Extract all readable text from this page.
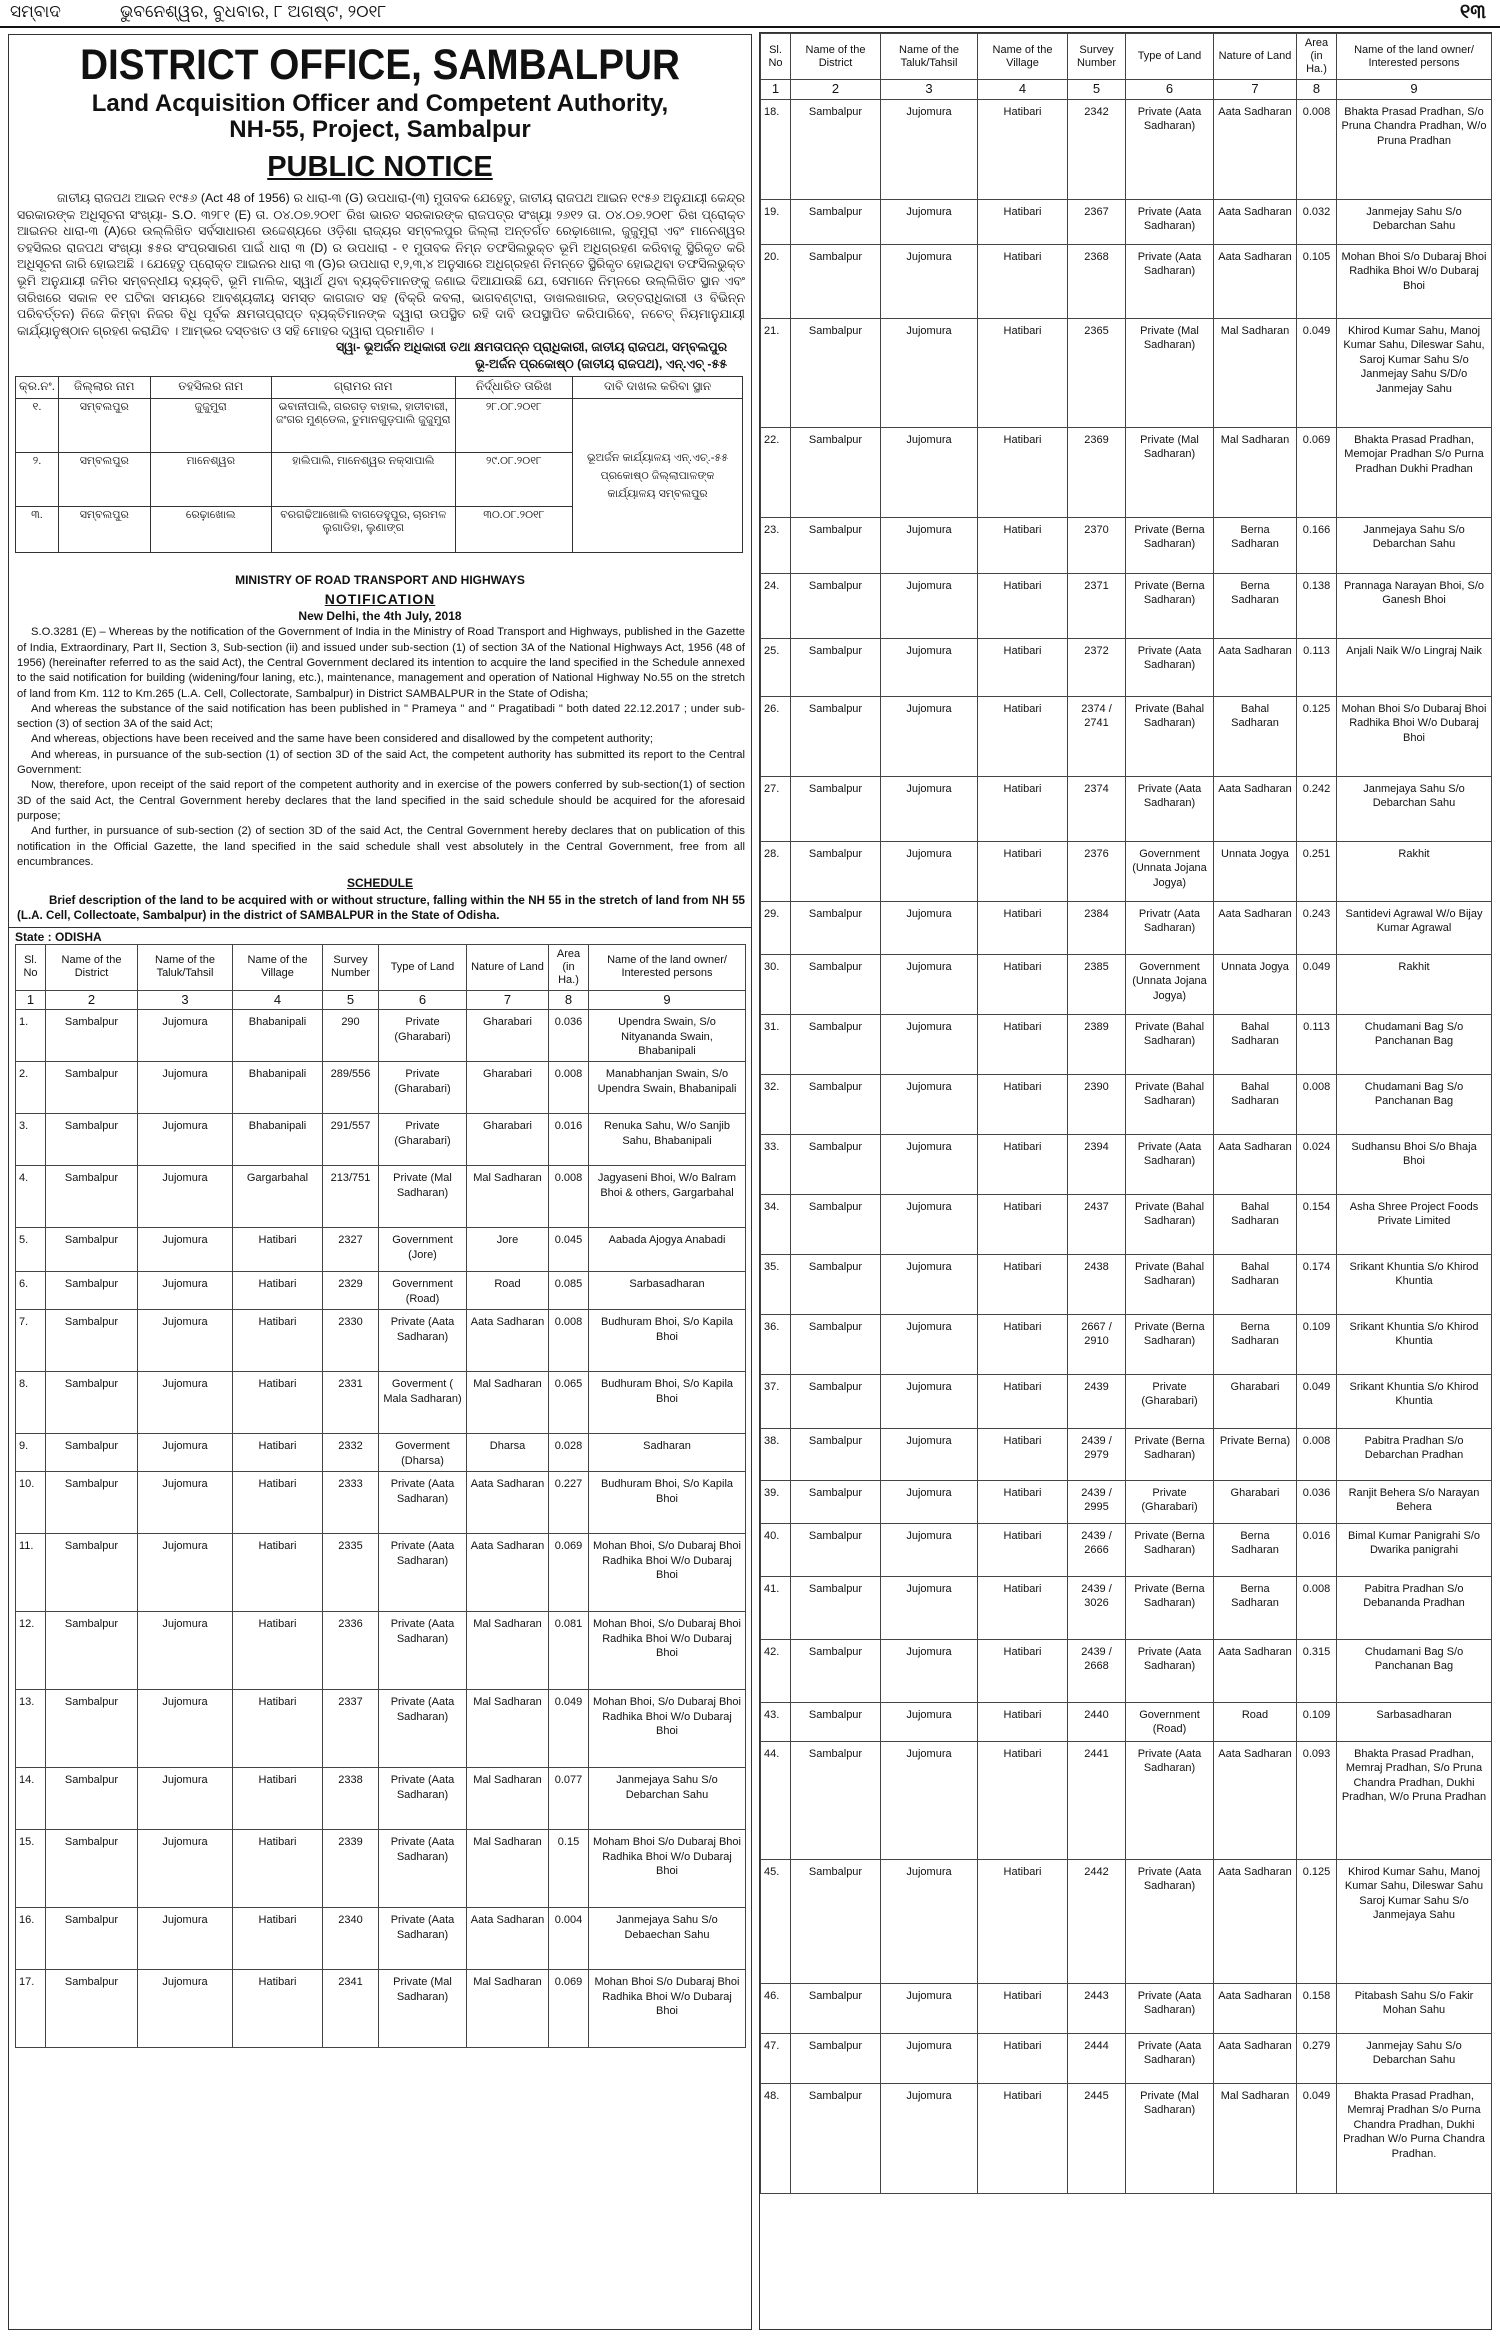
ସମ୍ବାଦ	ଭୁବନେଶ୍ୱର, ବୁଧବାର, ୮ ଅଗଷ୍ଟ, ୨୦୧୮	୧୩
DISTRICT OFFICE, SAMBALPUR
Land Acquisition Officer and Competent Authority,
NH-55, Project, Sambalpur
PUBLIC NOTICE
ଜାତୀୟ ରାଜପଥ ଆଇନ ୧୯୫୬ (Act 48 of 1956) ର ଧାରା-୩ (G) ଉପଧାରା-(୩) ମୁତାବକ ଯେହେତୁ, ଜାତୀୟ ରାଜପଥ ଆଇନ ୧୯୫୬ ଅନୁଯାୟୀ କେନ୍ଦ୍ର ସରକାରଙ୍କ ଅଧିସୂଚନା ସଂଖ୍ୟା- S.O. ୩୨୮୧ (E) ତା. ୦୪.୦୭.୨୦୧୮ ରିଖ ଭାରତ ସରକାରଙ୍କ ରାଜପତ୍ର ସଂଖ୍ୟା ୨୬୧୨ ତା. ୦୪.୦୭.୨୦୧୮ ରିଖ ପ୍ରୋକ୍ତ ଆଇନର ଧାରା-୩ (A)ରେ ଉଲ୍ଲିଖିତ ସର୍ବସାଧାରଣ ଉଦ୍ଦେଶ୍ୟରେ ଓଡ଼ିଶା ରାଜ୍ୟର ସମ୍ବଲପୁର ଜିଲ୍ଲା ଅନ୍ତର୍ଗତ ରେଢ଼ାଖୋଲ, ଜୁଜୁମୁରା ଏବଂ ମାନେଶ୍ୱର ତହସିଲର ରାଜପଥ ସଂଖ୍ୟା ୫୫ର ସଂପ୍ରସାରଣ ପାଇଁ ଧାରା ୩ (D) ର ଉପଧାରା - ୧ ମୁତାବକ ନିମ୍ନ ତଫସିଲଭୁକ୍ତ ଭୂମି ଅଧିଗ୍ରହଣ କରିବାକୁ ସ୍ଥିରିକୃତ କରି ଅଧିସୂଚନା ଜାରି ହୋଇଅଛି । ଯେହେତୁ ପ୍ରୋକ୍ତ ଆଇନର ଧାରା ୩ (G)ର ଉପଧାରା ୧,୨,୩,୪ ଅନୁସାରେ ଅଧିଗ୍ରହଣ ନିମନ୍ତେ ସ୍ଥିରିକୃତ ହୋଇଥିବା ତଫସିଲଭୁକ୍ତ ଭୂମି ଅନୁଯାୟୀ ଜମିର ସମ୍ବନ୍ଧୀୟ ବ୍ୟକ୍ତି, ଭୂମି ମାଲିକ, ସ୍ୱାର୍ଥ ଥିବା ବ୍ୟକ୍ତିମାନଙ୍କୁ ଜଣାଇ ଦିଆଯାଉଛି ଯେ, ସେମାନେ ନିମ୍ନରେ ଉଲ୍ଲିଖିତ ସ୍ଥାନ ଏବଂ ତାରିଖରେ ସକାଳ ୧୧ ଘଟିକା ସମୟରେ ଆବଶ୍ୟକୀୟ ସମସ୍ତ କାଗଜାତ ସହ (ବିକ୍ରି କବଲା, ଭାଗବଣ୍ଟାରା, ଡାଖଲଖାରଜ, ଉତ୍ତରାଧିକାରୀ ଓ ବିଭିନ୍ନ ପରିବର୍ତ୍ତନ) ନିଜେ କିମ୍ବା ନିଜର ବିଧି ପୂର୍ବକ କ୍ଷମତାପ୍ରାପ୍ତ ବ୍ୟକ୍ତିମାନଙ୍କ ଦ୍ୱାରା ଉପସ୍ଥିତ ରହି ଦାବି ଉପସ୍ଥାପିତ କରିପାରିବେ, ନଚେତ୍ ନିୟମାନୁଯାୟୀ କାର୍ଯ୍ୟାନୁଷ୍ଠାନ ଗ୍ରହଣ କରାଯିବ । ଆମ୍ଭର ଦସ୍ତଖତ ଓ ସହି ମୋହର ଦ୍ୱାରା ପ୍ରମାଣିତ ।
ସ୍ୱା- ଭୂଅର୍ଜନ ଅଧିକାରୀ ତଥା କ୍ଷମତାପନ୍ନ ପ୍ରାଧିକାରୀ, ଜାତୀୟ ରାଜପଥ, ସମ୍ବଲପୁର
ଭୂ-ଅର୍ଜନ ପ୍ରକୋଷ୍ଠ (ଜାତୀୟ ରାଜପଥ), ଏନ୍.ଏଚ୍ -୫୫
କ୍ର.ନଂ.	ଜିଲ୍ଲାର ନାମ	ତହସିଲର ନାମ	ଗ୍ରାମର ନାମ	ନିର୍ଦ୍ଧାରିତ ତାରିଖ	ଦାବି ଦାଖଲ କରିବା ସ୍ଥାନ
୧.	ସମ୍ବଲପୁର	ଜୁଜୁମୁରା	ଭବାନୀପାଲି, ଗରଗଡ଼ ବାହାଲ, ହାତୀବାରୀ, ଜଂଗର ମୁଣ୍ଡେଲ, ତୁମାନଗୁଡ଼ପାଲି ଜୁଜୁମୁରା	୨୮.୦୮.୨୦୧୮	ଭୂଅର୍ଜନ କାର୍ଯ୍ୟାଳୟ ଏନ୍.ଏଚ୍.-୫୫ ପ୍ରକୋଷ୍ଠ ଜିଲ୍ଲାପାଳଙ୍କ କାର୍ଯ୍ୟାଳୟ ସମ୍ବଲପୁର
୨.	ସମ୍ବଲପୁର	ମାନେଶ୍ୱର	ହାଲିପାଲି, ମାନେଶ୍ୱର ନକ୍ସାପାଲି	୨୯.୦୮.୨୦୧୮	
୩.	ସମ୍ବଲପୁର	ରେଢ଼ାଖୋଲ	ବରଗଢିଆଖୋଲି ବାଗଡେହୁପୁର, ଚାରମଳ ଲୁଗାଡିହା, ଲୁଣାଙ୍ଗ	୩୦.୦୮.୨୦୧୮	
MINISTRY OF ROAD TRANSPORT AND HIGHWAYS
NOTIFICATION
New Delhi, the 4th July, 2018
S.O.3281 (E) – Whereas by the notification of the Government of India in the Ministry of Road Transport and Highways, published in the Gazette of India, Extraordinary, Part II, Section 3, Sub-section (ii) and issued under sub-section (1) of section 3A of the National Highways Act, 1956 (48 of 1956) (hereinafter referred to as the said Act), the Central Government declared its intention to acquire the land specified in the Schedule annexed to the said notification for building (widening/four laning, etc.), maintenance, management and operation of National Highway No.55 on the stretch of land from Km. 112 to Km.265 (L.A. Cell, Collectorate, Sambalpur) in District SAMBALPUR in the State of Odisha;
And whereas the substance of the said notification has been published in " Prameya " and " Pragatibadi " both dated 22.12.2017 ; under sub-section (3) of section 3A of the said Act;
And whereas, objections have been received and the same have been considered and disallowed by the competent authority;
And whereas, in pursuance of the sub-section (1) of section 3D of the said Act, the competent authority has submitted its report to the Central Government:
Now, therefore, upon receipt of the said report of the competent authority and in exercise of the powers conferred by sub-section(1) of section 3D of the said Act, the Central Government hereby declares that the land specified in the said schedule should be acquired for the aforesaid purpose;
And further, in pursuance of sub-section (2) of section 3D of the said Act, the Central Government hereby declares that on publication of this notification in the Official Gazette, the land specified in the said schedule shall vest absolutely in the Central Government, free from all encumbrances.
SCHEDULE
Brief description of the land to be acquired with or without structure, falling within the NH 55 in the stretch of land from NH 55 (L.A. Cell, Collectoate, Sambalpur) in the district of SAMBALPUR in the State of Odisha.
State : ODISHA
Sl. No	Name of the District	Name of the Taluk/Tahsil	Name of the Village	Survey Number	Type of Land	Nature of Land	Area (in Ha.)	Name of the land owner/ Interested persons
1	2	3	4	5	6	7	8	9
1.	Sambalpur	Jujomura	Bhabanipali	290	Private (Gharabari)	Gharabari	0.036	Upendra Swain, S/o Nityananda Swain, Bhabanipali
2.	Sambalpur	Jujomura	Bhabanipali	289/556	Private (Gharabari)	Gharabari	0.008	Manabhanjan Swain, S/o Upendra Swain, Bhabanipali
3.	Sambalpur	Jujomura	Bhabanipali	291/557	Private (Gharabari)	Gharabari	0.016	Renuka Sahu, W/o Sanjib Sahu, Bhabanipali
4.	Sambalpur	Jujomura	Gargarbahal	213/751	Private (Mal Sadharan)	Mal Sadharan	0.008	Jagyaseni Bhoi, W/o Balram Bhoi & others, Gargarbahal
5.	Sambalpur	Jujomura	Hatibari	2327	Government (Jore)	Jore	0.045	Aabada Ajogya Anabadi
6.	Sambalpur	Jujomura	Hatibari	2329	Government (Road)	Road	0.085	Sarbasadharan
7.	Sambalpur	Jujomura	Hatibari	2330	Private (Aata Sadharan)	Aata Sadharan	0.008	Budhuram Bhoi, S/o Kapila Bhoi
8.	Sambalpur	Jujomura	Hatibari	2331	Goverment ( Mala Sadharan)	Mal Sadharan	0.065	Budhuram Bhoi, S/o Kapila Bhoi
9.	Sambalpur	Jujomura	Hatibari	2332	Goverment (Dharsa)	Dharsa	0.028	Sadharan
10.	Sambalpur	Jujomura	Hatibari	2333	Private (Aata Sadharan)	Aata Sadharan	0.227	Budhuram Bhoi, S/o Kapila Bhoi
11.	Sambalpur	Jujomura	Hatibari	2335	Private (Aata Sadharan)	Aata Sadharan	0.069	Mohan Bhoi, S/o Dubaraj Bhoi Radhika Bhoi W/o Dubaraj Bhoi
12.	Sambalpur	Jujomura	Hatibari	2336	Private (Aata Sadharan)	Mal Sadharan	0.081	Mohan Bhoi, S/o Dubaraj Bhoi Radhika Bhoi W/o Dubaraj Bhoi
13.	Sambalpur	Jujomura	Hatibari	2337	Private (Aata Sadharan)	Mal Sadharan	0.049	Mohan Bhoi, S/o Dubaraj Bhoi Radhika Bhoi W/o Dubaraj Bhoi
14.	Sambalpur	Jujomura	Hatibari	2338	Private (Aata Sadharan)	Mal Sadharan	0.077	Janmejaya Sahu S/o Debarchan Sahu
15.	Sambalpur	Jujomura	Hatibari	2339	Private (Aata Sadharan)	Mal Sadharan	0.15	Moham Bhoi S/o Dubaraj Bhoi Radhika Bhoi W/o Dubaraj Bhoi
16.	Sambalpur	Jujomura	Hatibari	2340	Private (Aata Sadharan)	Aata Sadharan	0.004	Janmejaya Sahu S/o Debaechan Sahu
17.	Sambalpur	Jujomura	Hatibari	2341	Private (Mal Sadharan)	Mal Sadharan	0.069	Mohan Bhoi S/o Dubaraj Bhoi Radhika Bhoi W/o Dubaraj Bhoi
Sl. No	Name of the District	Name of the Taluk/Tahsil	Name of the Village	Survey Number	Type of Land	Nature of Land	Area (in Ha.)	Name of the land owner/ Interested persons
1	2	3	4	5	6	7	8	9
18.	Sambalpur	Jujomura	Hatibari	2342	Private (Aata Sadharan)	Aata Sadharan	0.008	Bhakta Prasad Pradhan, S/o Pruna Chandra Pradhan, W/o Pruna Pradhan
19.	Sambalpur	Jujomura	Hatibari	2367	Private (Aata Sadharan)	Aata Sadharan	0.032	Janmejay Sahu S/o Debarchan Sahu
20.	Sambalpur	Jujomura	Hatibari	2368	Private (Aata Sadharan)	Aata Sadharan	0.105	Mohan Bhoi S/o Dubaraj Bhoi Radhika Bhoi W/o Dubaraj Bhoi
21.	Sambalpur	Jujomura	Hatibari	2365	Private (Mal Sadharan)	Mal Sadharan	0.049	Khirod Kumar Sahu, Manoj Kumar Sahu, Dileswar Sahu, Saroj Kumar Sahu S/o Janmejay Sahu S/D/o Janmejay Sahu
22.	Sambalpur	Jujomura	Hatibari	2369	Private (Mal Sadharan)	Mal Sadharan	0.069	Bhakta Prasad Pradhan, Memojar Pradhan S/o Purna Pradhan Dukhi Pradhan
23.	Sambalpur	Jujomura	Hatibari	2370	Private (Berna Sadharan)	Berna Sadharan	0.166	Janmejaya Sahu S/o Debarchan Sahu
24.	Sambalpur	Jujomura	Hatibari	2371	Private (Berna Sadharan)	Berna Sadharan	0.138	Prannaga Narayan Bhoi, S/o Ganesh Bhoi
25.	Sambalpur	Jujomura	Hatibari	2372	Private (Aata Sadharan)	Aata Sadharan	0.113	Anjali Naik W/o Lingraj Naik
26.	Sambalpur	Jujomura	Hatibari	2374 / 2741	Private (Bahal Sadharan)	Bahal Sadharan	0.125	Mohan Bhoi S/o Dubaraj Bhoi Radhika Bhoi W/o Dubaraj Bhoi
27.	Sambalpur	Jujomura	Hatibari	2374	Private (Aata Sadharan)	Aata Sadharan	0.242	Janmejaya Sahu S/o Debarchan Sahu
28.	Sambalpur	Jujomura	Hatibari	2376	Government (Unnata Jojana Jogya)	Unnata Jogya	0.251	Rakhit
29.	Sambalpur	Jujomura	Hatibari	2384	Privatr (Aata Sadharan)	Aata Sadharan	0.243	Santidevi Agrawal W/o Bijay Kumar Agrawal
30.	Sambalpur	Jujomura	Hatibari	2385	Government (Unnata Jojana Jogya)	Unnata Jogya	0.049	Rakhit
31.	Sambalpur	Jujomura	Hatibari	2389	Private (Bahal Sadharan)	Bahal Sadharan	0.113	Chudamani Bag S/o Panchanan Bag
32.	Sambalpur	Jujomura	Hatibari	2390	Private (Bahal Sadharan)	Bahal Sadharan	0.008	Chudamani Bag S/o Panchanan Bag
33.	Sambalpur	Jujomura	Hatibari	2394	Private (Aata Sadharan)	Aata Sadharan	0.024	Sudhansu Bhoi S/o Bhaja Bhoi
34.	Sambalpur	Jujomura	Hatibari	2437	Private (Bahal Sadharan)	Bahal Sadharan	0.154	Asha Shree Project Foods Private Limited
35.	Sambalpur	Jujomura	Hatibari	2438	Private (Bahal Sadharan)	Bahal Sadharan	0.174	Srikant Khuntia S/o Khirod Khuntia
36.	Sambalpur	Jujomura	Hatibari	2667 / 2910	Private (Berna Sadharan)	Berna Sadharan	0.109	Srikant Khuntia S/o Khirod Khuntia
37.	Sambalpur	Jujomura	Hatibari	2439	Private (Gharabari)	Gharabari	0.049	Srikant Khuntia S/o Khirod Khuntia
38.	Sambalpur	Jujomura	Hatibari	2439 / 2979	Private (Berna Sadharan)	Private Berna)	0.008	Pabitra Pradhan S/o Debarchan Pradhan
39.	Sambalpur	Jujomura	Hatibari	2439 / 2995	Private (Gharabari)	Gharabari	0.036	Ranjit Behera S/o Narayan Behera
40.	Sambalpur	Jujomura	Hatibari	2439 / 2666	Private (Berna Sadharan)	Berna Sadharan	0.016	Bimal Kumar Panigrahi S/o Dwarika panigrahi
41.	Sambalpur	Jujomura	Hatibari	2439 / 3026	Private (Berna Sadharan)	Berna Sadharan	0.008	Pabitra Pradhan S/o Debananda Pradhan
42.	Sambalpur	Jujomura	Hatibari	2439 / 2668	Private (Aata Sadharan)	Aata Sadharan	0.315	Chudamani Bag S/o Panchanan Bag
43.	Sambalpur	Jujomura	Hatibari	2440	Government (Road)	Road	0.109	Sarbasadharan
44.	Sambalpur	Jujomura	Hatibari	2441	Private (Aata Sadharan)	Aata Sadharan	0.093	Bhakta Prasad Pradhan, Memraj Pradhan, S/o Pruna Chandra Pradhan, Dukhi Pradhan, W/o Pruna Pradhan
45.	Sambalpur	Jujomura	Hatibari	2442	Private (Aata Sadharan)	Aata Sadharan	0.125	Khirod Kumar Sahu, Manoj Kumar Sahu, Dileswar Sahu Saroj Kumar Sahu S/o Janmejaya Sahu
46.	Sambalpur	Jujomura	Hatibari	2443	Private (Aata Sadharan)	Aata Sadharan	0.158	Pitabash Sahu S/o Fakir Mohan Sahu
47.	Sambalpur	Jujomura	Hatibari	2444	Private (Aata Sadharan)	Aata Sadharan	0.279	Janmejay Sahu S/o Debarchan Sahu
48.	Sambalpur	Jujomura	Hatibari	2445	Private (Mal Sadharan)	Mal Sadharan	0.049	Bhakta Prasad Pradhan, Memraj Pradhan S/o Purna Chandra Pradhan, Dukhi Pradhan W/o Purna Chandra Pradhan.
